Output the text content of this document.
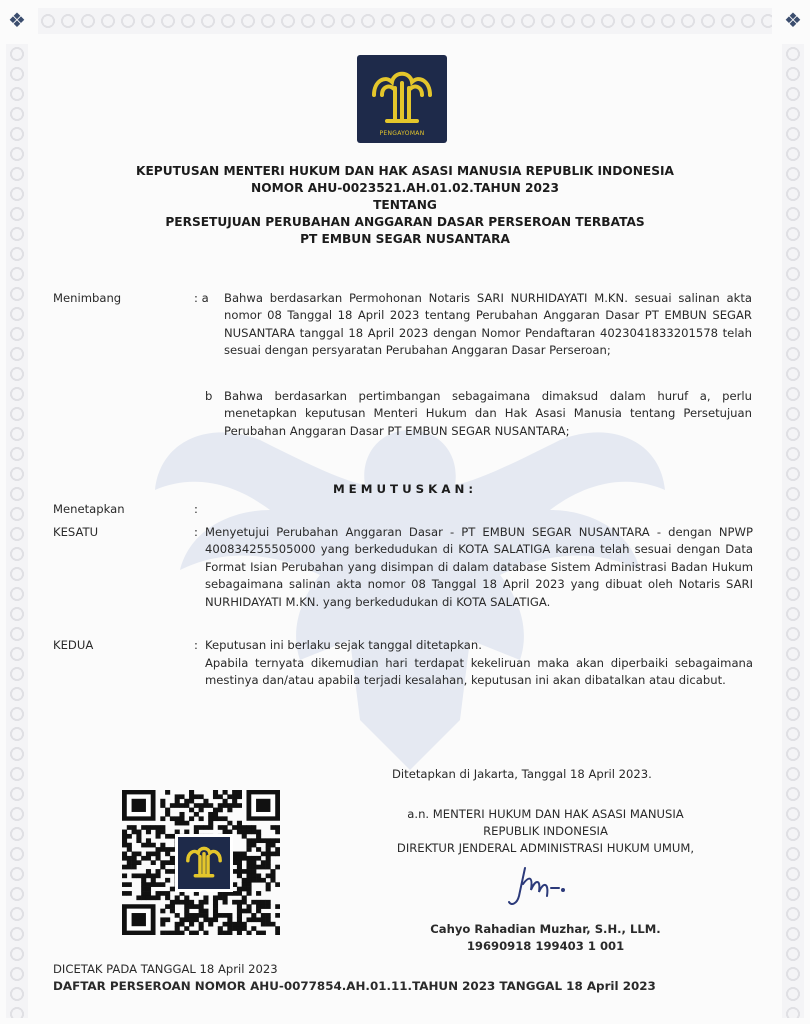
❖	❖
PENGAYOMAN
KEPUTUSAN MENTERI HUKUM DAN HAK ASASI MANUSIA REPUBLIK INDONESIA
NOMOR AHU-0023521.AH.01.02.TAHUN 2023
TENTANG
PERSETUJUAN PERUBAHAN ANGGARAN DASAR PERSEROAN TERBATAS
PT EMBUN SEGAR NUSANTARA
Menimbang	: a Bahwa berdasarkan Permohonan Notaris SARI NURHIDAYATI M.KN. sesuai salinan akta nomor 08 Tanggal 18 April 2023 tentang Perubahan Anggaran Dasar PT EMBUN SEGAR NUSANTARA tanggal 18 April 2023 dengan Nomor Pendaftaran 4023041833201578 telah sesuai dengan persyaratan Perubahan Anggaran Dasar Perseroan;
b Bahwa berdasarkan pertimbangan sebagaimana dimaksud dalam huruf a, perlu menetapkan keputusan Menteri Hukum dan Hak Asasi Manusia tentang Persetujuan Perubahan Anggaran Dasar PT EMBUN SEGAR NUSANTARA;
MEMUTUSKAN:
Menetapkan	:
KESATU	: Menyetujui Perubahan Anggaran Dasar - PT EMBUN SEGAR NUSANTARA - dengan NPWP 400834255505000 yang berkedudukan di KOTA SALATIGA karena telah sesuai dengan Data Format Isian Perubahan yang disimpan di dalam database Sistem Administrasi Badan Hukum sebagaimana salinan akta nomor 08 Tanggal 18 April 2023 yang dibuat oleh Notaris SARI NURHIDAYATI M.KN. yang berkedudukan di KOTA SALATIGA.
KEDUA	: Keputusan ini berlaku sejak tanggal ditetapkan.
Apabila ternyata dikemudian hari terdapat kekeliruan maka akan diperbaiki sebagaimana mestinya dan/atau apabila terjadi kesalahan, keputusan ini akan dibatalkan atau dicabut.
Ditetapkan di Jakarta, Tanggal 18 April 2023.
a.n. MENTERI HUKUM DAN HAK ASASI MANUSIA
REPUBLIK INDONESIA
DIREKTUR JENDERAL ADMINISTRASI HUKUM UMUM,
Cahyo Rahadian Muzhar, S.H., LLM.
19690918 199403 1 001
DICETAK PADA TANGGAL 18 April 2023
DAFTAR PERSEROAN NOMOR AHU-0077854.AH.01.11.TAHUN 2023 TANGGAL 18 April 2023
